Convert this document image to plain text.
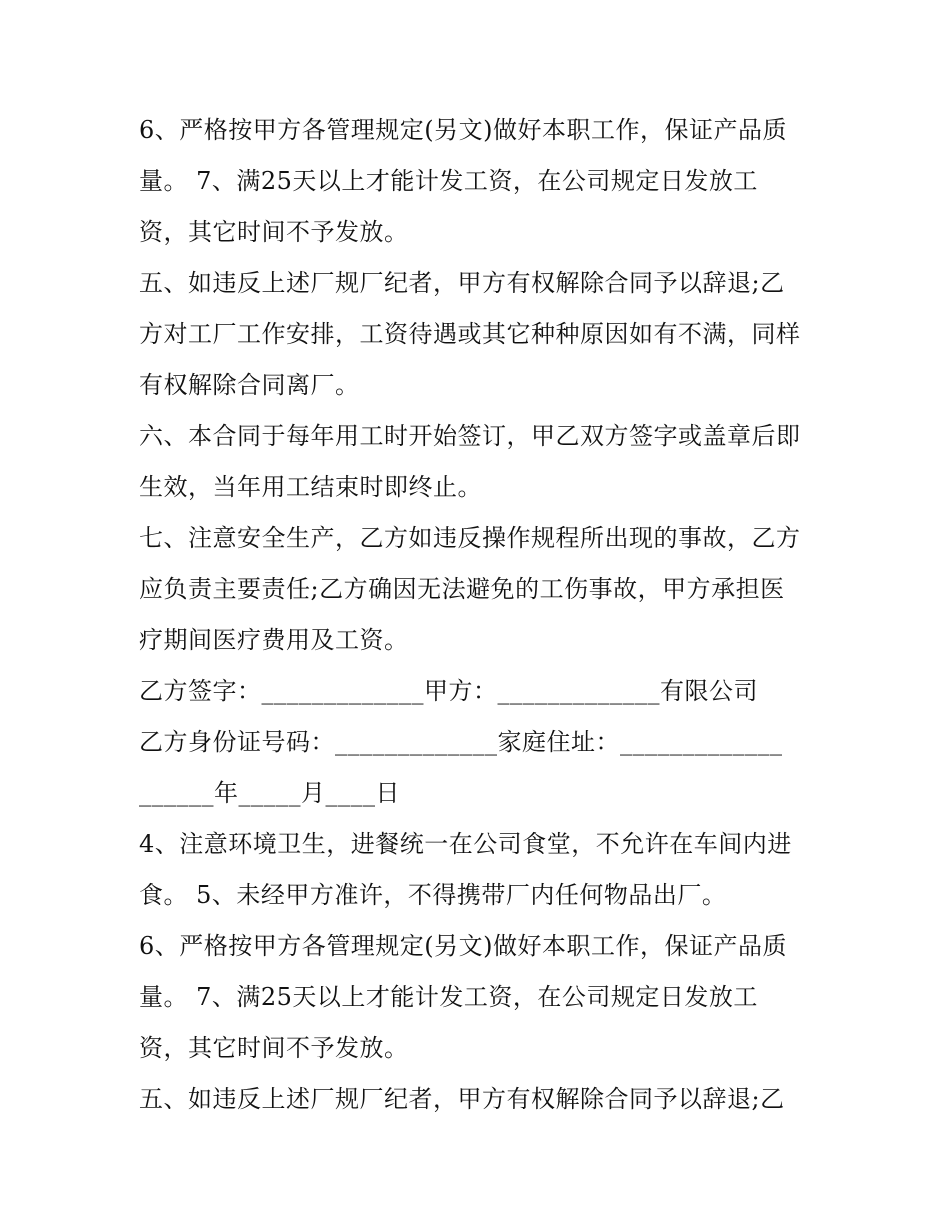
6、严格按甲方各管理规定(另文)做好本职工作，保证产品质
量。 7、满25天以上才能计发工资，在公司规定日发放工
资，其它时间不予发放。
五、如违反上述厂规厂纪者，甲方有权解除合同予以辞退;乙
方对工厂工作安排，工资待遇或其它种种原因如有不满，同样
有权解除合同离厂。
六、本合同于每年用工时开始签订，甲乙双方签字或盖章后即
生效，当年用工结束时即终止。
七、注意安全生产，乙方如违反操作规程所出现的事故，乙方
应负责主要责任;乙方确因无法避免的工伤事故，甲方承担医
疗期间医疗费用及工资。
乙方签字：_____________甲方：_____________有限公司
乙方身份证号码：_____________家庭住址：_____________
______年_____月____日
4、注意环境卫生，进餐统一在公司食堂，不允许在车间内进
食。 5、未经甲方准许，不得携带厂内任何物品出厂。
6、严格按甲方各管理规定(另文)做好本职工作，保证产品质
量。 7、满25天以上才能计发工资，在公司规定日发放工
资，其它时间不予发放。
五、如违反上述厂规厂纪者，甲方有权解除合同予以辞退;乙
